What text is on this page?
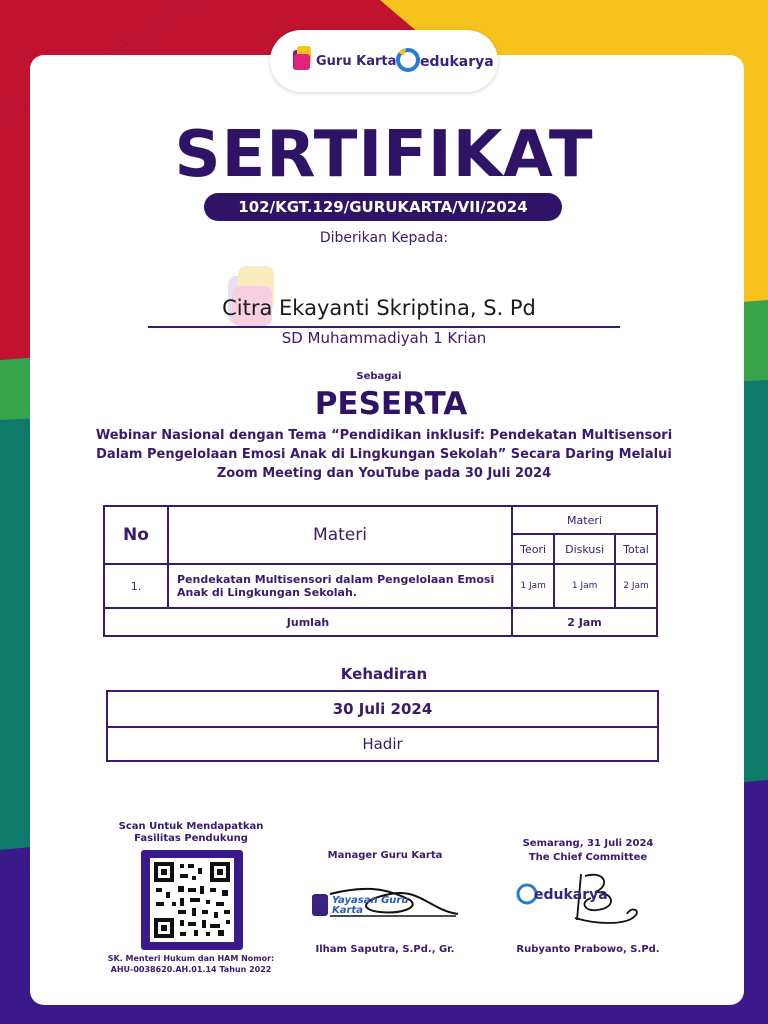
Guru Karta edukarya
SERTIFIKAT
102/KGT.129/GURUKARTA/VII/2024
Diberikan Kepada:
Citra Ekayanti Skriptina, S. Pd
SD Muhammadiyah 1 Krian
Sebagai
PESERTA
Webinar Nasional dengan Tema “Pendidikan inklusif: Pendekatan Multisensori Dalam Pengelolaan Emosi Anak di Lingkungan Sekolah” Secara Daring Melalui Zoom Meeting dan YouTube pada 30 Juli 2024
No	Materi	Materi		
		Teori	Diskusi	Total
1.	Pendekatan Multisensori dalam Pengelolaan Emosi Anak di Lingkungan Sekolah.	1 Jam	1 Jam	2 Jam
Jumlah		2 Jam		
Kehadiran
30 Juli 2024
Hadir
Scan Untuk Mendapatkan Fasilitas Pendukung
SK. Menteri Hukum dan HAM Nomor: AHU-0038620.AH.01.14 Tahun 2022
Manager Guru Karta
Yayasan Guru Karta
Ilham Saputra, S.Pd., Gr.
Semarang, 31 Juli 2024
The Chief Committee
edukarya
Rubyanto Prabowo, S.Pd.
